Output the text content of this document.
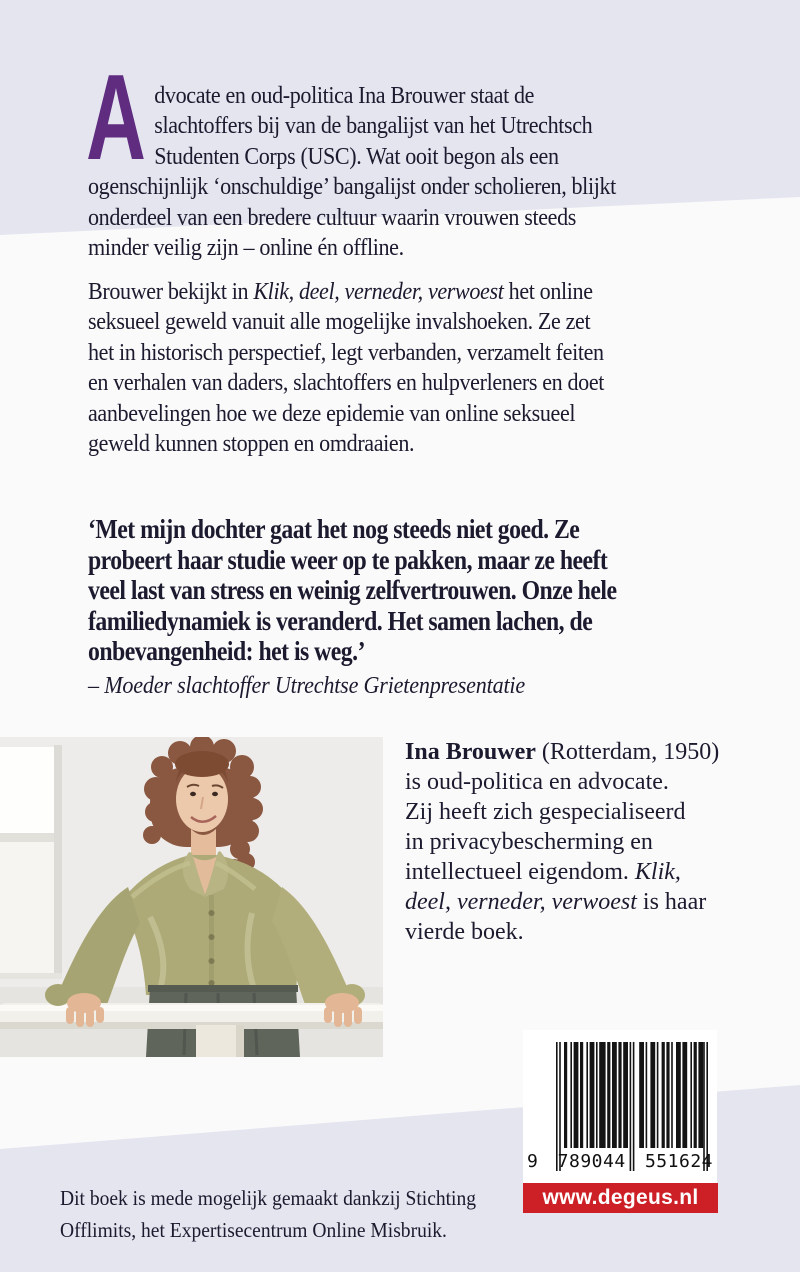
A dvocate en oud-politica Ina Brouwer staat de
slachtoffers bij van de bangalijst van het Utrechtsch
Studenten Corps (USC). Wat ooit begon als een
ogenschijnlijk ‘onschuldige’ bangalijst onder scholieren, blijkt
onderdeel van een bredere cultuur waarin vrouwen steeds
minder veilig zijn – online én offline.
Brouwer bekijkt in Klik, deel, verneder, verwoest het online
seksueel geweld vanuit alle mogelijke invalshoeken. Ze zet
het in historisch perspectief, legt verbanden, verzamelt feiten
en verhalen van daders, slachtoffers en hulpverleners en doet
aanbevelingen hoe we deze epidemie van online seksueel
geweld kunnen stoppen en omdraaien.
‘Met mijn dochter gaat het nog steeds niet goed. Ze
probeert haar studie weer op te pakken, maar ze heeft
veel last van stress en weinig zelfvertrouwen. Onze hele
familiedynamiek is veranderd. Het samen lachen, de
onbevangenheid: het is weg.’
– Moeder slachtoffer Utrechtse Grietenpresentatie
Ina Brouwer (Rotterdam, 1950)
is oud-politica en advocate.
Zij heeft zich gespecialiseerd
in privacybescherming en
intellectueel eigendom. Klik,
deel, verneder, verwoest is haar
vierde boek.
9 789044 551624
www.degeus.nl
Dit boek is mede mogelijk gemaakt dankzij Stichting
Offlimits, het Expertisecentrum Online Misbruik.
